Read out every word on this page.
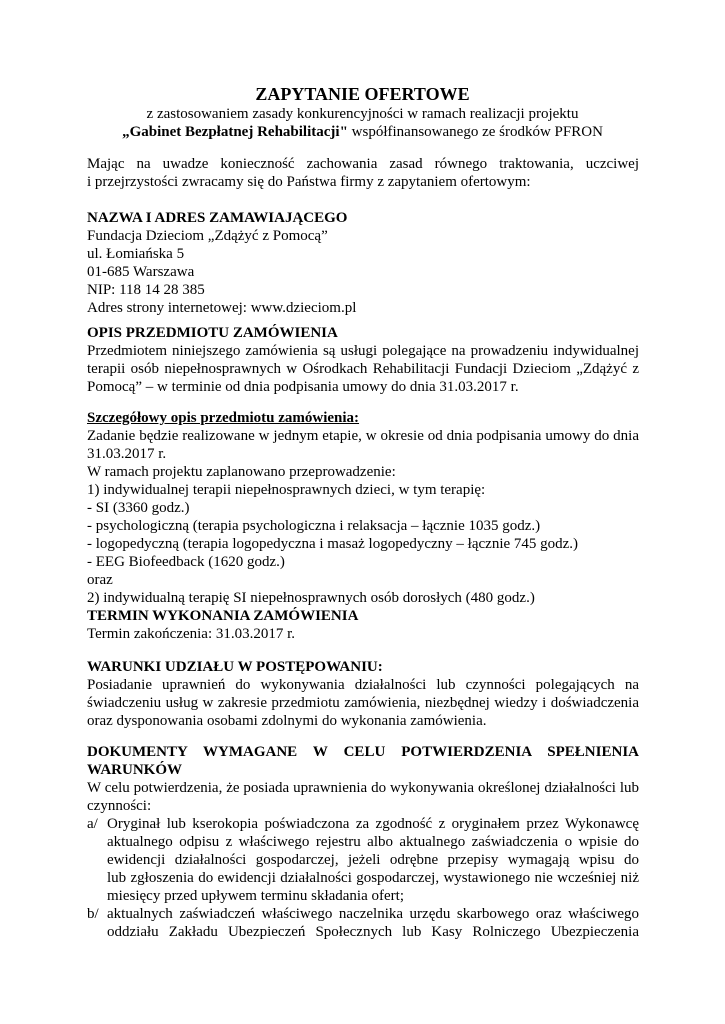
ZAPYTANIE OFERTOWE
z zastosowaniem zasady konkurencyjności w ramach realizacji projektu
„Gabinet Bezpłatnej Rehabilitacji" współfinansowanego ze środków PFRON
Mając na uwadze konieczność zachowania zasad równego traktowania, uczciwej
i przejrzystości zwracamy się do Państwa firmy z zapytaniem ofertowym:
NAZWA I ADRES ZAMAWIAJĄCEGO
Fundacja Dzieciom „Zdążyć z Pomocą”
ul. Łomiańska 5
01-685 Warszawa
NIP: 118 14 28 385
Adres strony internetowej: www.dzieciom.pl
OPIS PRZEDMIOTU ZAMÓWIENIA
Przedmiotem niniejszego zamówienia są usługi polegające na prowadzeniu indywidualnej
terapii osób niepełnosprawnych w Ośrodkach Rehabilitacji Fundacji Dzieciom „Zdążyć z
Pomocą” – w terminie od dnia podpisania umowy do dnia 31.03.2017 r.
Szczegółowy opis przedmiotu zamówienia:
Zadanie będzie realizowane w jednym etapie, w okresie od dnia podpisania umowy do dnia
31.03.2017 r.
W ramach projektu zaplanowano przeprowadzenie:
1) indywidualnej terapii niepełnosprawnych dzieci, w tym terapię:
- SI (3360 godz.)
- psychologiczną (terapia psychologiczna i relaksacja – łącznie 1035 godz.)
- logopedyczną (terapia logopedyczna i masaż logopedyczny – łącznie 745 godz.)
- EEG Biofeedback (1620 godz.)
oraz
2) indywidualną terapię SI niepełnosprawnych osób dorosłych (480 godz.)
TERMIN WYKONANIA ZAMÓWIENIA
Termin zakończenia: 31.03.2017 r.
WARUNKI UDZIAŁU W POSTĘPOWANIU:
Posiadanie uprawnień do wykonywania działalności lub czynności polegających na
świadczeniu usług w zakresie przedmiotu zamówienia, niezbędnej wiedzy i doświadczenia
oraz dysponowania osobami zdolnymi do wykonania zamówienia.
DOKUMENTY WYMAGANE W CELU POTWIERDZENIA SPEŁNIENIA
WARUNKÓW
W celu potwierdzenia, że posiada uprawnienia do wykonywania określonej działalności lub
czynności:
a/ Oryginał lub kserokopia poświadczona za zgodność z oryginałem przez Wykonawcę
aktualnego odpisu z właściwego rejestru albo aktualnego zaświadczenia o wpisie do
ewidencji działalności gospodarczej, jeżeli odrębne przepisy wymagają wpisu do
lub zgłoszenia do ewidencji działalności gospodarczej, wystawionego nie wcześniej niż
miesięcy przed upływem terminu składania ofert;
b/ aktualnych zaświadczeń właściwego naczelnika urzędu skarbowego oraz właściwego
oddziału Zakładu Ubezpieczeń Społecznych lub Kasy Rolniczego Ubezpieczenia
